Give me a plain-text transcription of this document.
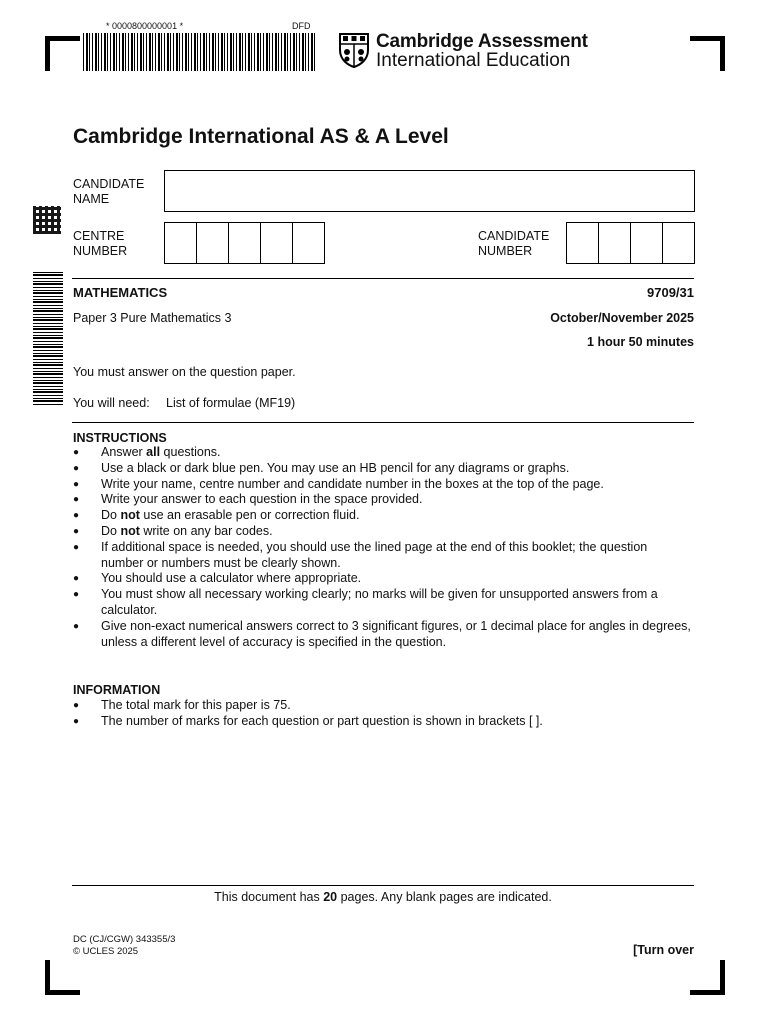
* 0000800000001 *	DFD
Cambridge Assessment
International Education
Cambridge International AS & A Level
CANDIDATE
NAME
CENTRE
NUMBER
CANDIDATE
NUMBER
MATHEMATICS	9709/31
Paper 3 Pure Mathematics 3	October/November 2025
1 hour 50 minutes
You must answer on the question paper.
You will need: List of formulae (MF19)
INSTRUCTIONS
● Answer all questions.
● Use a black or dark blue pen. You may use an HB pencil for any diagrams or graphs.
● Write your name, centre number and candidate number in the boxes at the top of the page.
● Write your answer to each question in the space provided.
● Do not use an erasable pen or correction fluid.
● Do not write on any bar codes.
● If additional space is needed, you should use the lined page at the end of this booklet; the question number or numbers must be clearly shown.
● You should use a calculator where appropriate.
● You must show all necessary working clearly; no marks will be given for unsupported answers from a calculator.
● Give non-exact numerical answers correct to 3 significant figures, or 1 decimal place for angles in degrees, unless a different level of accuracy is specified in the question.
INFORMATION
● The total mark for this paper is 75.
● The number of marks for each question or part question is shown in brackets [ ].
This document has 20 pages. Any blank pages are indicated.
DC (CJ/CGW) 343355/3
© UCLES 2025	[Turn over
